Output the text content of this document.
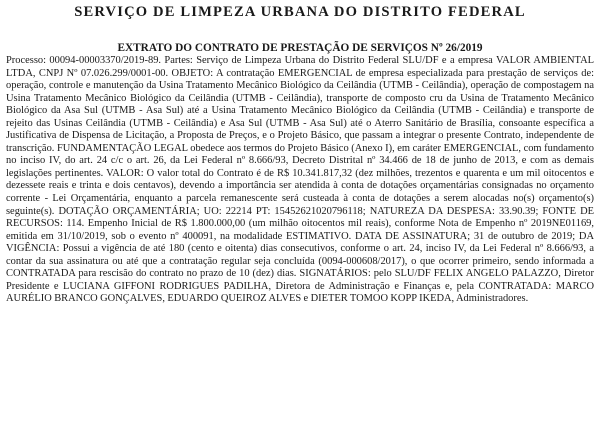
SERVIÇO DE LIMPEZA URBANA DO DISTRITO FEDERAL
EXTRATO DO CONTRATO DE PRESTAÇÃO DE SERVIÇOS Nº 26/2019

Processo: 00094-00003370/2019-89. Partes: Serviço de Limpeza Urbana do Distrito Federal SLU/DF e a empresa VALOR AMBIENTAL LTDA, CNPJ Nº 07.026.299/0001-00. OBJETO: A contratação EMERGENCIAL de empresa especializada para prestação de serviços de: operação, controle e manutenção da Usina Tratamento Mecânico Biológico da Ceilândia (UTMB - Ceilândia), operação de compostagem na Usina Tratamento Mecânico Biológico da Ceilândia (UTMB - Ceilândia), transporte de composto cru da Usina de Tratamento Mecânico Biológico da Asa Sul (UTMB - Asa Sul) até a Usina Tratamento Mecânico Biológico da Ceilândia (UTMB - Ceilândia) e transporte de rejeito das Usinas Ceilândia (UTMB - Ceilândia) e Asa Sul (UTMB - Asa Sul) até o Aterro Sanitário de Brasília, consoante específica a Justificativa de Dispensa de Licitação, a Proposta de Preços, e o Projeto Básico, que passam a integrar o presente Contrato, independente de transcrição. FUNDAMENTAÇÃO LEGAL obedece aos termos do Projeto Básico (Anexo I), em caráter EMERGENCIAL, com fundamento no inciso IV, do art. 24 c/c o art. 26, da Lei Federal nº 8.666/93, Decreto Distrital nº 34.466 de 18 de junho de 2013, e com as demais legislações pertinentes. VALOR: O valor total do Contrato é de R$ 10.341.817,32 (dez milhões, trezentos e quarenta e um mil oitocentos e dezessete reais e trinta e dois centavos), devendo a importância ser atendida à conta de dotações orçamentárias consignadas no orçamento corrente - Lei Orçamentária, enquanto a parcela remanescente será custeada à conta de dotações a serem alocadas no(s) orçamento(s) seguinte(s). DOTAÇÃO ORÇAMENTÁRIA; UO: 22214 PT: 15452621020796118; NATUREZA DA DESPESA: 33.90.39; FONTE DE RECURSOS: 114. Empenho Inicial de R$ 1.800.000,00 (um milhão oitocentos mil reais), conforme Nota de Empenho nº 2019NE01169, emitida em 31/10/2019, sob o evento nº 400091, na modalidade ESTIMATIVO. DATA DE ASSINATURA; 31 de outubro de 2019; DA VIGÊNCIA: Possui a vigência de até 180 (cento e oitenta) dias consecutivos, conforme o art. 24, inciso IV, da Lei Federal nº 8.666/93, a contar da sua assinatura ou até que a contratação regular seja concluída (0094-000608/2017), o que ocorrer primeiro, sendo informada a CONTRATADA para rescisão do contrato no prazo de 10 (dez) dias. SIGNATÁRIOS: pelo SLU/DF FELIX ANGELO PALAZZO, Diretor Presidente e LUCIANA GIFFONI RODRIGUES PADILHA, Diretora de Administração e Finanças e, pela CONTRATADA: MARCO AURÉLIO BRANCO GONÇALVES, EDUARDO QUEIROZ ALVES e DIETER TOMOO KOPP IKEDA, Administradores.
